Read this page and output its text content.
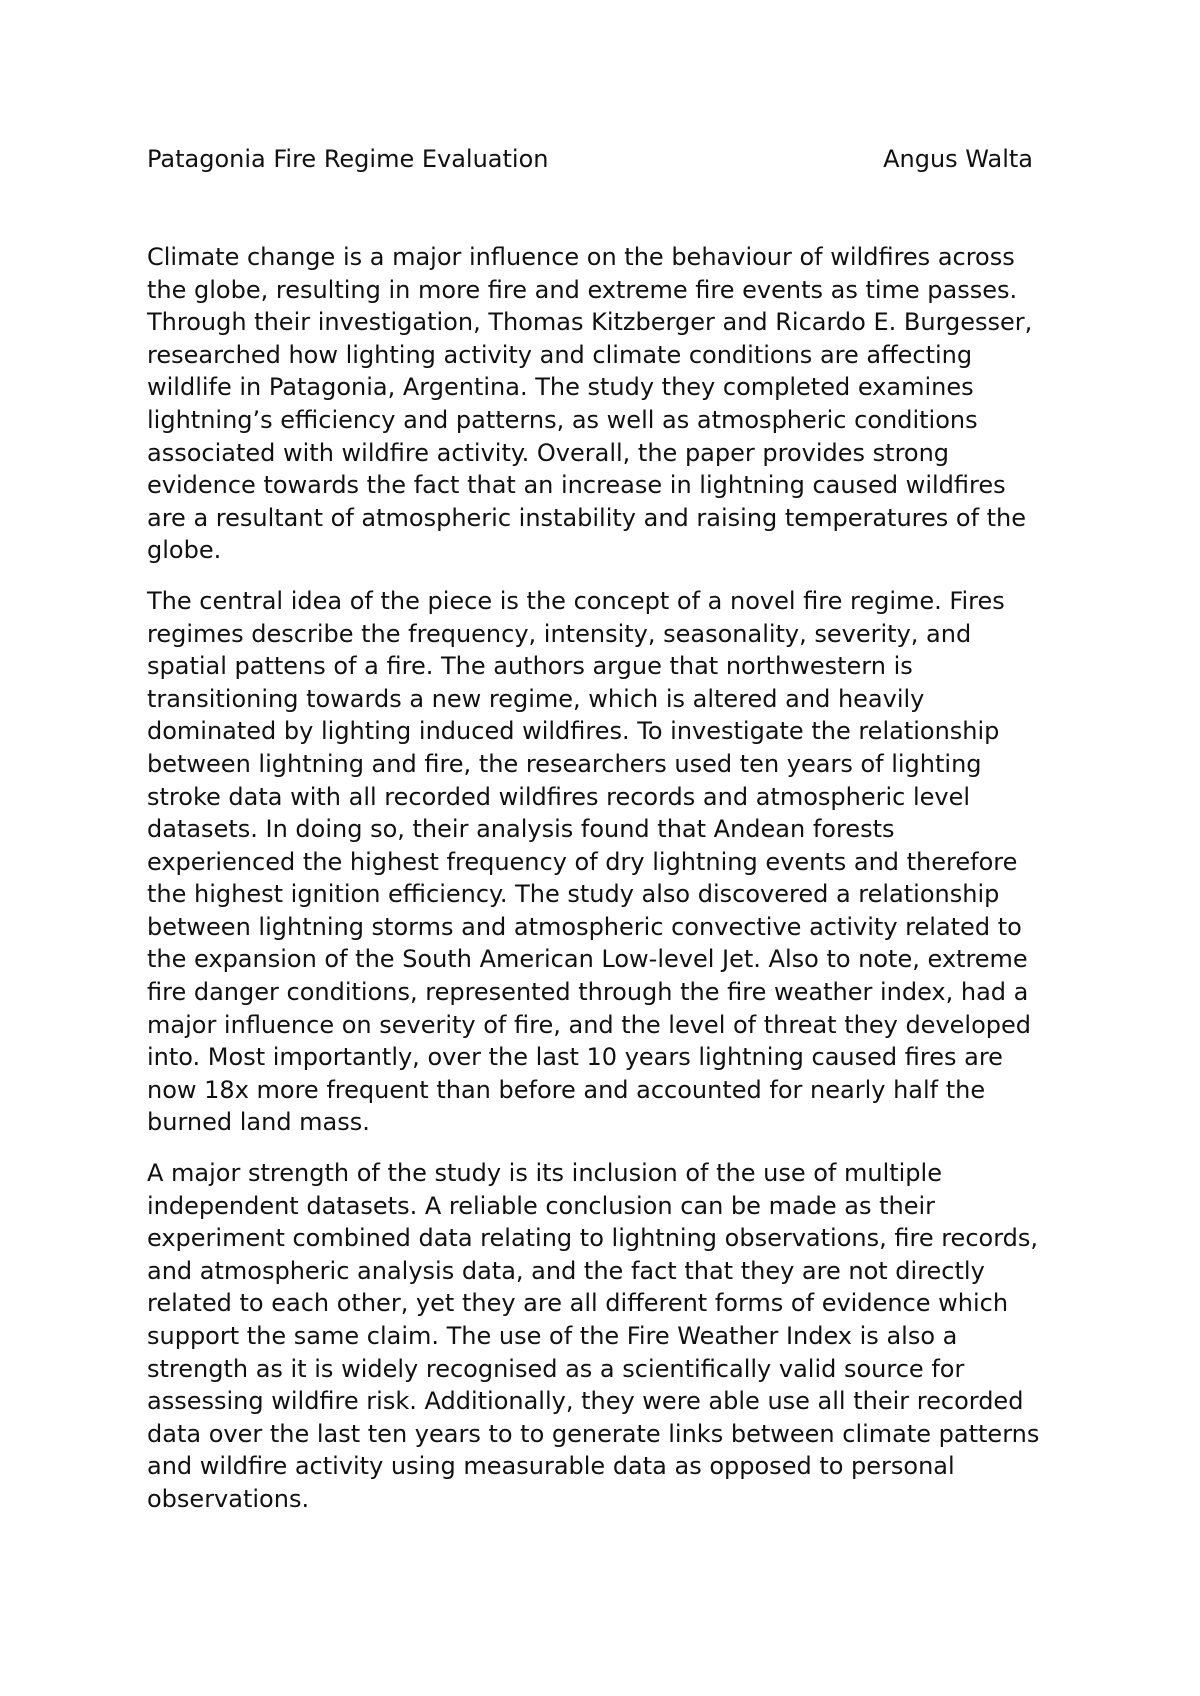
Patagonia Fire Regime Evaluation	Angus Walta
Climate change is a major influence on the behaviour of wildfires across
the globe, resulting in more fire and extreme fire events as time passes.
Through their investigation, Thomas Kitzberger and Ricardo E. Burgesser,
researched how lighting activity and climate conditions are affecting
wildlife in Patagonia, Argentina. The study they completed examines
lightning’s efficiency and patterns, as well as atmospheric conditions
associated with wildfire activity. Overall, the paper provides strong
evidence towards the fact that an increase in lightning caused wildfires
are a resultant of atmospheric instability and raising temperatures of the
globe.
The central idea of the piece is the concept of a novel fire regime. Fires
regimes describe the frequency, intensity, seasonality, severity, and
spatial pattens of a fire. The authors argue that northwestern is
transitioning towards a new regime, which is altered and heavily
dominated by lighting induced wildfires. To investigate the relationship
between lightning and fire, the researchers used ten years of lighting
stroke data with all recorded wildfires records and atmospheric level
datasets. In doing so, their analysis found that Andean forests
experienced the highest frequency of dry lightning events and therefore
the highest ignition efficiency. The study also discovered a relationship
between lightning storms and atmospheric convective activity related to
the expansion of the South American Low-level Jet. Also to note, extreme
fire danger conditions, represented through the fire weather index, had a
major influence on severity of fire, and the level of threat they developed
into. Most importantly, over the last 10 years lightning caused fires are
now 18x more frequent than before and accounted for nearly half the
burned land mass.
A major strength of the study is its inclusion of the use of multiple
independent datasets. A reliable conclusion can be made as their
experiment combined data relating to lightning observations, fire records,
and atmospheric analysis data, and the fact that they are not directly
related to each other, yet they are all different forms of evidence which
support the same claim. The use of the Fire Weather Index is also a
strength as it is widely recognised as a scientifically valid source for
assessing wildfire risk. Additionally, they were able use all their recorded
data over the last ten years to to generate links between climate patterns
and wildfire activity using measurable data as opposed to personal
observations.
